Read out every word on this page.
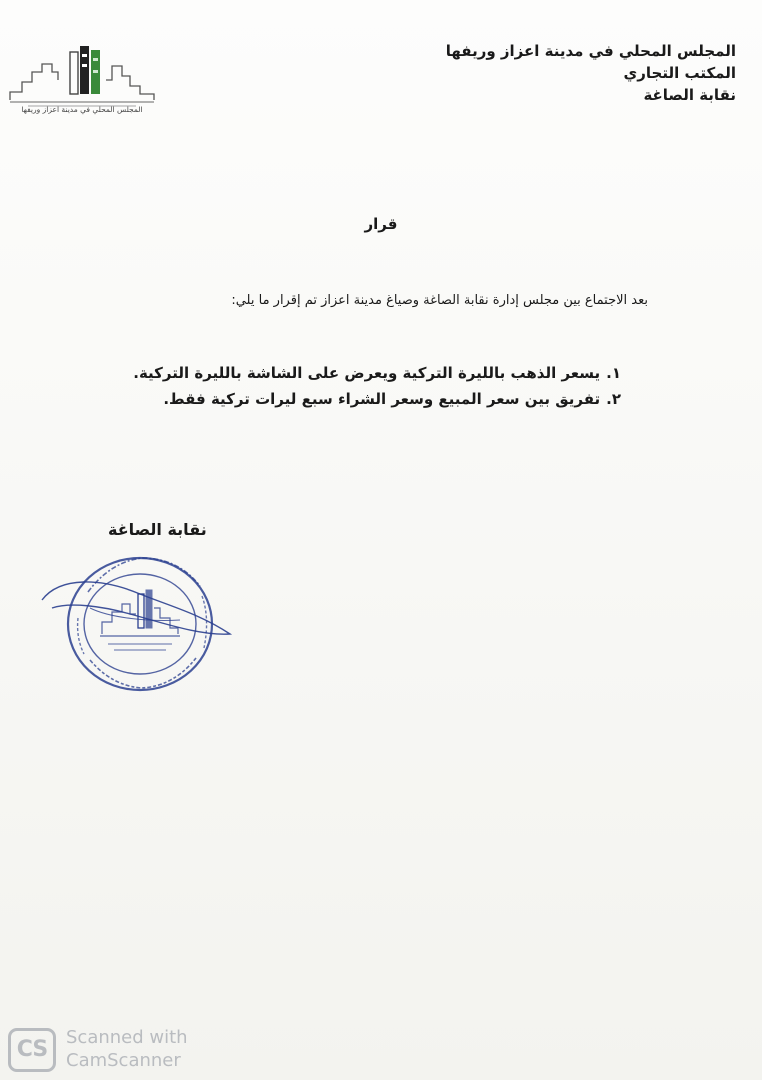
المجلس المحلي في مدينة اعزاز وريفها
المجلس المحلي في مدينة اعزاز وريفها
المكتب التجاري
نقابة الصاغة
قرار
بعد الاجتماع بين مجلس إدارة نقابة الصاغة وصياغ مدينة اعزاز تم إقرار ما يلي:
١.يسعر الذهب بالليرة التركية ويعرض على الشاشة بالليرة التركية.
٢.تفريق بين سعر المبيع وسعر الشراء سبع ليرات تركية فقط.
نقابة الصاغة
CS	Scanned with
CamScanner
